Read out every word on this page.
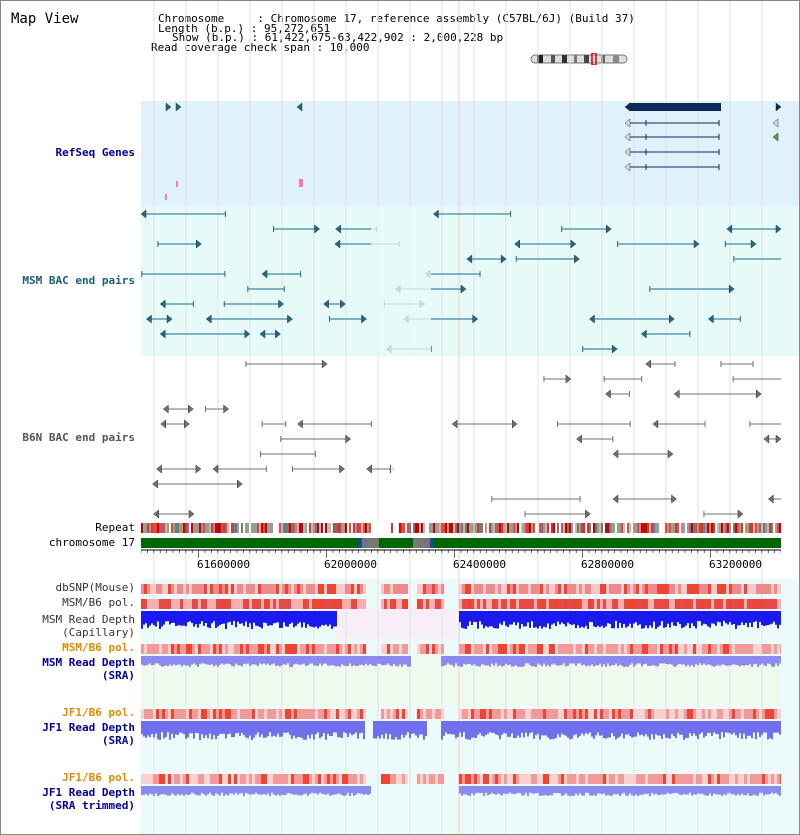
Map View	Chromosome     : Chromosome 17, reference assembly (C57BL/6J) (Build 37)
Length (b.p.) : 95,272,651
Show (b.p.) : 61,422,675-63,422,902 : 2,000,228 bp
Read coverage check span : 10,000
RefSeq Genes
MSM BAC end pairs
B6N BAC end pairs
Repeat
chromosome 17
dbSNP(Mouse)
MSM/B6 pol.
MSM Read Depth
(Capillary)
MSM/B6 pol.
MSM Read Depth
(SRA)
JF1/B6 pol.
JF1 Read Depth
(SRA)
JF1/B6 pol.
JF1 Read Depth
(SRA trimmed)
61600000	62000000	62400000	62800000	63200000
